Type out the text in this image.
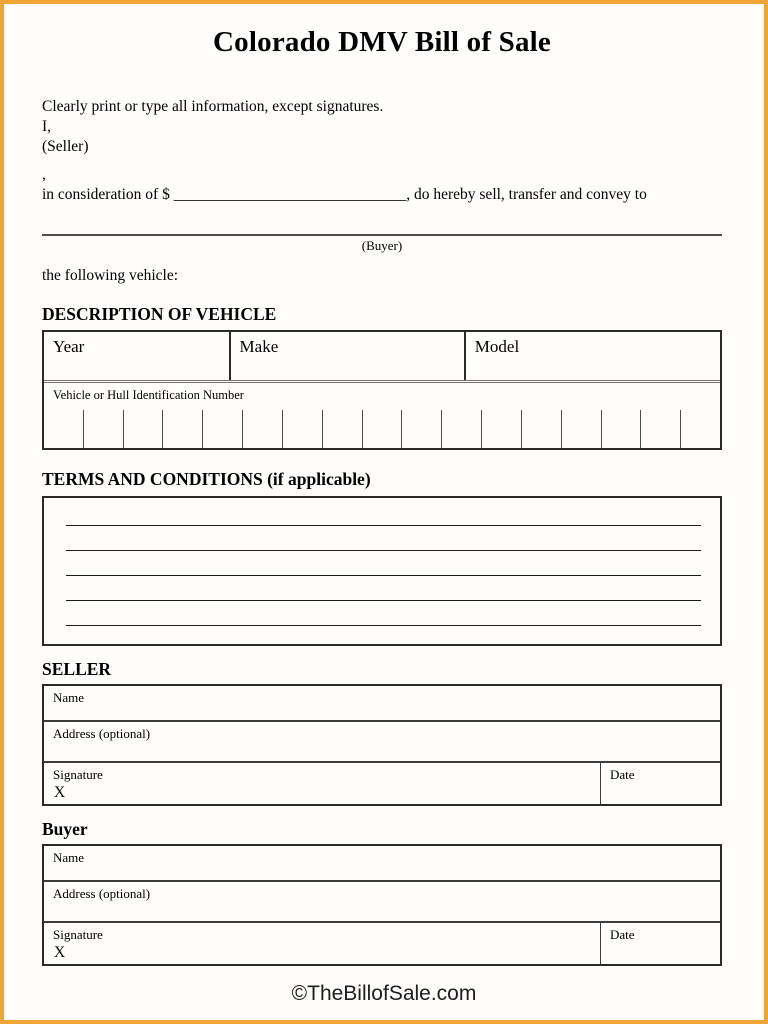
Colorado DMV Bill of Sale

Clearly print or type all information, except signatures.

I,

(Seller)

,

in consideration of $ ______________________________, do hereby sell, transfer and convey to

(Buyer)

the following vehicle:

DESCRIPTION OF VEHICLE
Year	Make	Model
Vehicle or Hull Identification Number
TERMS AND CONDITIONS (if applicable)
SELLER
Name
Address (optional)
Signature
X
Date
Buyer
Name
Address (optional)
Signature
X
Date
©TheBillofSale.com
